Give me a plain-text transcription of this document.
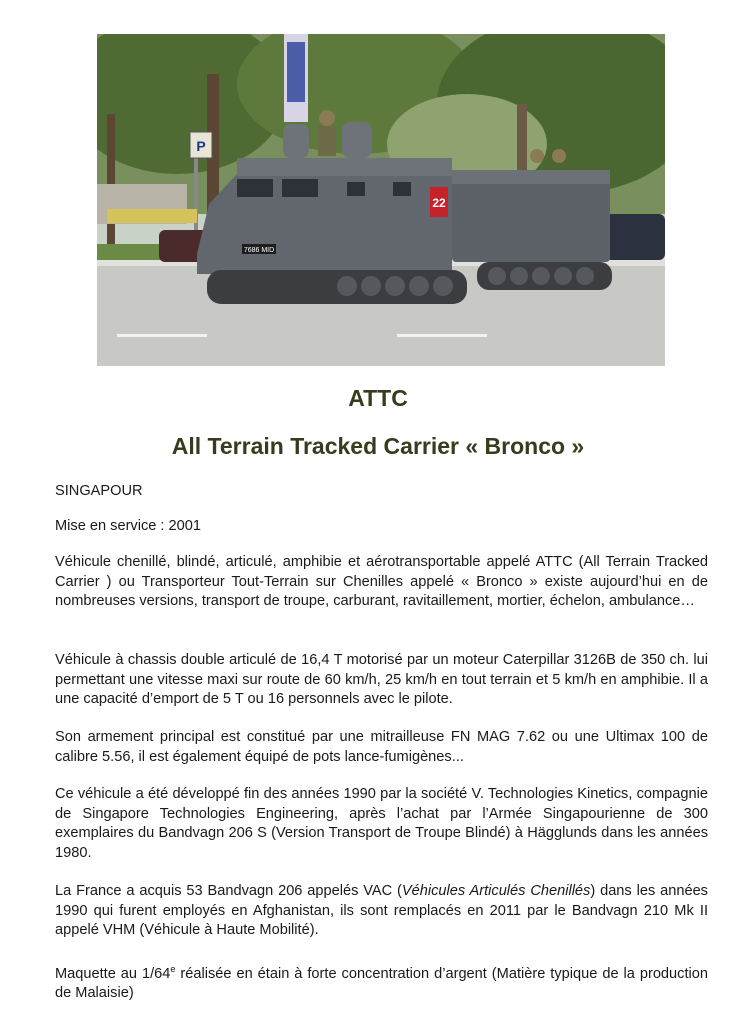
P
22
7686 MID
ATTC
All Terrain Tracked Carrier « Bronco »

SINGAPOUR

Mise en service : 2001

Véhicule chenillé, blindé, articulé, amphibie et aérotransportable appelé ATTC (All Terrain Tracked Carrier ) ou Transporteur Tout-Terrain sur Chenilles appelé « Bronco » existe aujourd’hui en de nombreuses versions, transport de troupe, carburant, ravitaillement, mortier, échelon, ambulance…

Véhicule à chassis double articulé de 16,4 T motorisé par un moteur Caterpillar 3126B de 350 ch. lui permettant une vitesse maxi sur route de 60 km/h, 25 km/h en tout terrain et 5 km/h en amphibie. Il a une capacité d’emport de 5 T ou 16 personnels avec le pilote.

Son armement principal est constitué par une mitrailleuse FN MAG 7.62 ou une Ultimax 100 de calibre 5.56, il est également équipé de pots lance-fumigènes...

Ce véhicule a été développé fin des années 1990 par la société V. Technologies Kinetics, compagnie de Singapore Technologies Engineering, après l’achat par l’Armée Singapourienne de 300 exemplaires du Bandvagn 206 S (Version Transport de Troupe Blindé) à Hägglunds dans les années 1980.

La France a acquis 53 Bandvagn 206 appelés VAC (Véhicules Articulés Chenillés) dans les années 1990 qui furent employés en Afghanistan, ils sont remplacés en 2011 par le Bandvagn 210 Mk II appelé VHM (Véhicule à Haute Mobilité).

Maquette au 1/64e réalisée en étain à forte concentration d’argent (Matière typique de la production de Malaisie)
